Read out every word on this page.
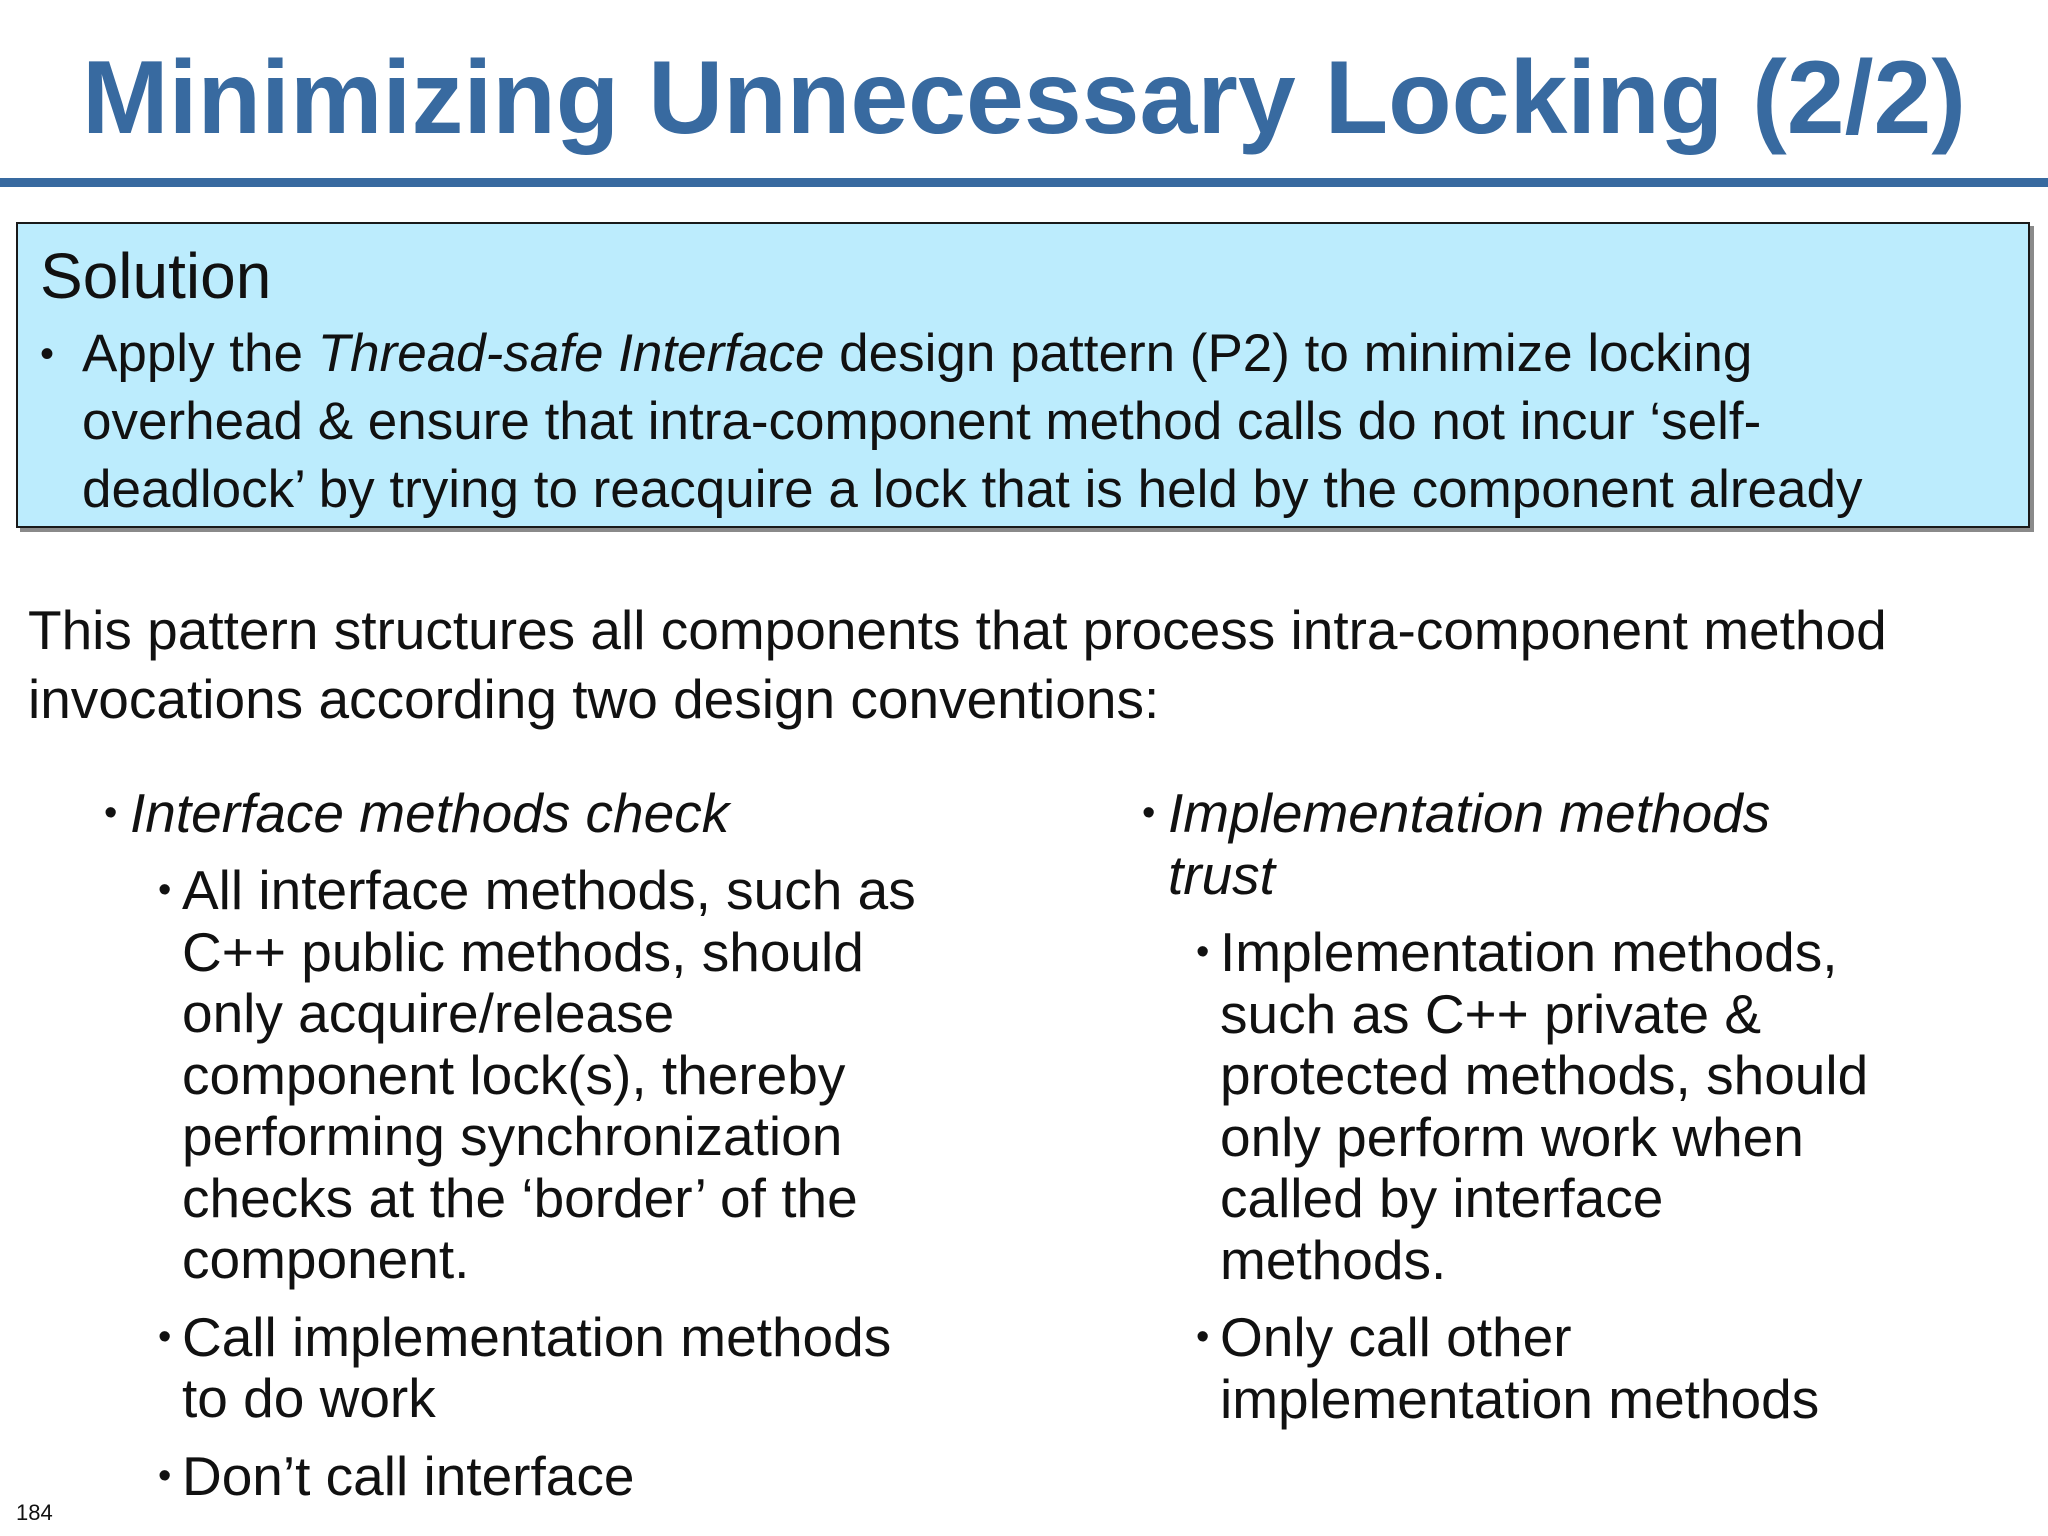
Minimizing Unnecessary Locking (2/2)
Solution
• Apply the Thread-safe Interface design pattern (P2) to minimize locking
overhead & ensure that intra-component method calls do not incur ‘self-
deadlock’ by trying to reacquire a lock that is held by the component already
This pattern structures all components that process intra-component method
invocations according two design conventions:
• Interface methods check
• All interface methods, such as
C++ public methods, should
only acquire/release
component lock(s), thereby
performing synchronization
checks at the ‘border’ of the
component.
• Call implementation methods
to do work
• Don’t call interface
• Implementation methods
trust
• Implementation methods,
such as C++ private &
protected methods, should
only perform work when
called by interface
methods.
• Only call other
implementation methods
184
